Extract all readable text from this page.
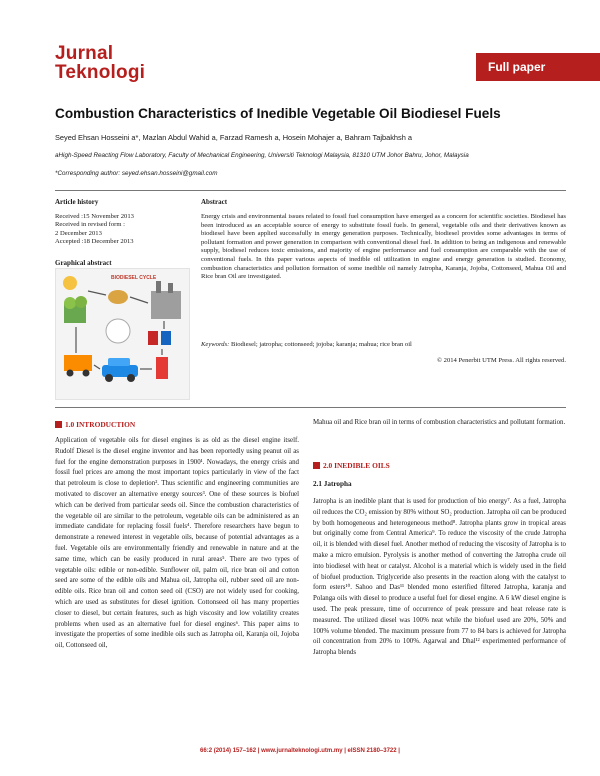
Jurnal
Teknologi	Full paper
Combustion Characteristics of Inedible Vegetable Oil Biodiesel Fuels
Seyed Ehsan Hosseini a*, Mazlan Abdul Wahid a, Farzad Ramesh a, Hosein Mohajer a, Bahram Tajbakhsh a
aHigh-Speed Reacting Flow Laboratory, Faculty of Mechanical Engineering, Universiti Teknologi Malaysia, 81310 UTM Johor Bahru, Johor, Malaysia
*Corresponding author: seyed.ehsan.hosseini@gmail.com
Article history
Received :15 November 2013
Received in revised form :
2 December 2013
Accepted :18 December 2013
Graphical abstract
BIODIESEL CYCLE
Abstract
Energy crisis and environmental issues related to fossil fuel consumption have emerged as a concern for scientific societies. Biodiesel has been introduced as an acceptable source of energy to substitute fossil fuels. In general, vegetable oils and their derivatives known as biodiesel have been applied successfully in energy generation purposes. Technically, biodiesel provides some advantages in terms of pollutant formation and power generation in comparison with conventional diesel fuel. In addition to being an indigenous and renewable supply, biodiesel reduces toxic emissions, and majority of engine performance and fuel consumption are comparable with the use of conventional fuels. In this paper various aspects of inedible oil utilization in engine and energy generation is studied. Economy, combustion characteristics and pollution formation of some inedible oil namely Jatropha, Karanja, Jojoba, Cottonseed, Mahua Oil and Rice bran Oil are investigated.
Keywords: Biodiesel; jatropha; cottonseed; jojoba; karanja; mahua; rice bran oil
© 2014 Penerbit UTM Press. All rights reserved.
1.0 INTRODUCTION

Application of vegetable oils for diesel engines is as old as the diesel engine itself. Rudolf Diesel is the diesel engine inventor and has been reportedly using peanut oil as fuel for the engine demonstration purposes in 1900¹. Nowadays, the energy crisis and fossil fuel prices are among the most important topics particularly in view of the fact that petroleum is close to depletion². Thus scientific and engineering communities are motivated to discover an alternative energy sources³. One of these sources is biofuel which can be derived from particular seeds oil. Since the combustion characteristics of the vegetable oil are similar to the petroleum, vegetable oils can be administered as an immediate candidate for replacing fossil fuels⁴. Therefore researchers have begun to demonstrate a renewed interest in vegetable oils, because of potential advantages as a fuel. Vegetable oils are environmentally friendly and renewable in nature and at the same time, which can be easily produced in rural areas⁵. There are two types of vegetable oils: edible or non-edible. Sunflower oil, palm oil, rice bran oil and cotton seed are some of the edible oils and Mahua oil, Jatropha oil, rubber seed oil are non-edible oils. Rice bran oil and cotton seed oil (CSO) are not widely used for cooking, which are used as substitutes for diesel ignition. Cottonseed oil has many properties closer to diesel, but certain features, such as high viscosity and low volatility creates problems when used as an alternative fuel for diesel engines⁶. This paper aims to investigate the properties of some inedible oils such as Jatropha oil, Karanja oil, Jojoba oil, Cottonseed oil,

Mahua oil and Rice bran oil in terms of combustion characteristics and pollutant formation.

2.0 INEDIBLE OILS
2.1 Jatropha

Jatropha is an inedible plant that is used for production of bio energy⁷. As a fuel, Jatropha oil reduces the CO₂ emission by 80% without SO₂ production. Jatropha oil can be produced by both homogeneous and heterogeneous method⁸. Jatropha plants grow in tropical areas but originally come from Central America⁹. To reduce the viscosity of the crude Jatropha oil, it is blended with diesel fuel. Another method of reducing the viscosity of Jatropha is to make a micro emulsion. Pyrolysis is another method of converting the Jatropha crude oil into biodiesel with heat or catalyst. Alcohol is a material which is widely used in the field of biofuel production. Triglyceride also presents in the reaction along with the catalyst to form esters¹⁰. Sahoo and Das¹¹ blended mono esterified filtered Jatropha, karanja and Polanga oils with diesel to produce a useful fuel for diesel engine. A 6 kW diesel engine is used. The peak pressure, time of occurrence of peak pressure and heat release rate is measured. The utilized diesel was 100% neat while the biofuel used are 20%, 50% and 100% volume blended. The maximum pressure from 77 to 84 bars is achieved for Jatropha oil concentration from 20% to 100%. Agarwal and Dhal¹² experimented performance of Jatropha blends

66:2 (2014) 157–162 | www.jurnalteknologi.utm.my | eISSN 2180–3722 |
